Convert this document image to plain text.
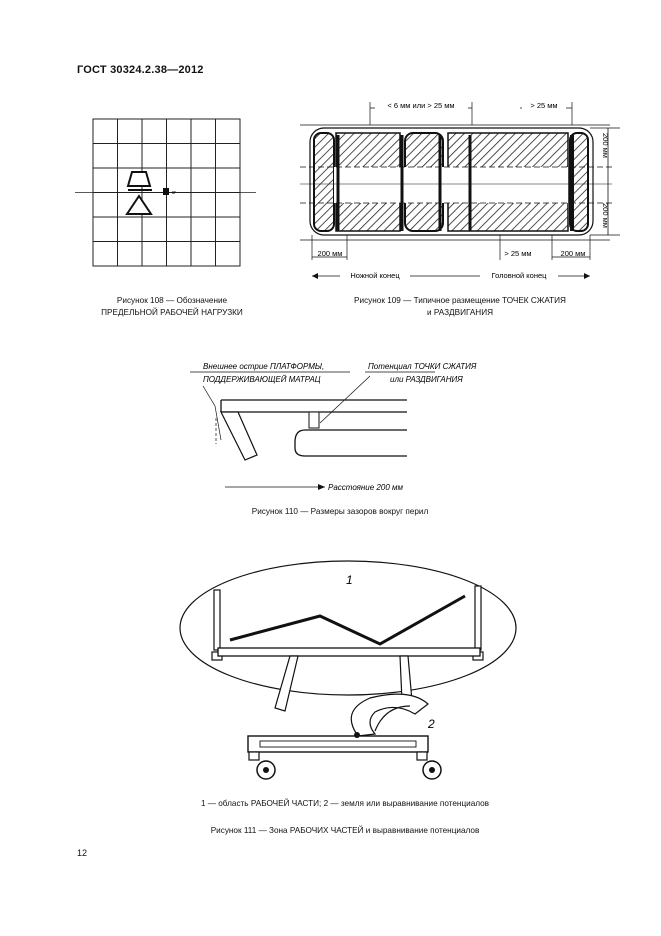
ГОСТ 30324.2.38—2012
кг
Рисунок 108 — Обозначение
ПРЕДЕЛЬНОЙ РАБОЧЕЙ НАГРУЗКИ
< 6 мм или > 25 мм	> 25 мм
200 мм
200 мм
200 мм	> 25 мм	200 мм
Ножной конец	Головной конец
Рисунок 109 — Типичное размещение ТОЧЕК СЖАТИЯ
и РАЗДВИГАНИЯ
Внешнее острие ПЛАТФОРМЫ,
ПОДДЕРЖИВАЮЩЕЙ МАТРАЦ
Потенциал ТОЧКИ СЖАТИЯ
или РАЗДВИГАНИЯ
Расстояние 200 мм
Рисунок 110 — Размеры зазоров вокруг перил
1
2
1 — область РАБОЧЕЙ ЧАСТИ; 2 — земля или выравнивание потенциалов
Рисунок 111 — Зона РАБОЧИХ ЧАСТЕЙ и выравнивание потенциалов
12
